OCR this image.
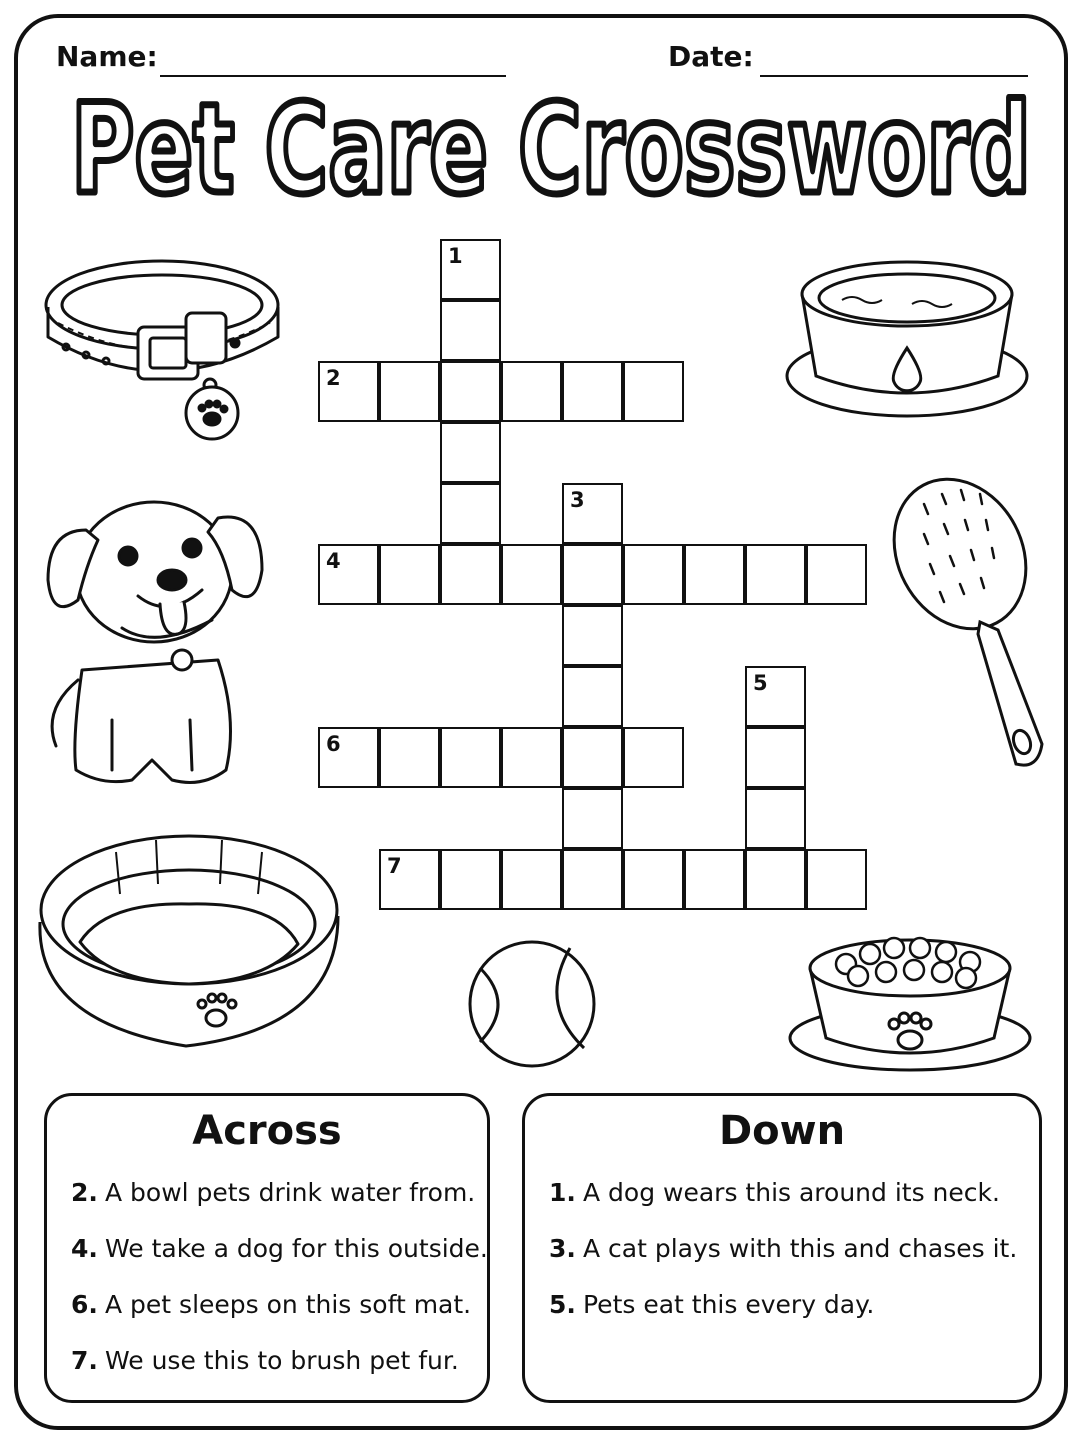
Name:	Date:
Pet Care Crossword
2
4
6
7
1
3
5
Across
2. A bowl pets drink water from.
4. We take a dog for this outside.
6. A pet sleeps on this soft mat.
7. We use this to brush pet fur.
Down
1. A dog wears this around its neck.
3. A cat plays with this and chases it.
5. Pets eat this every day.
